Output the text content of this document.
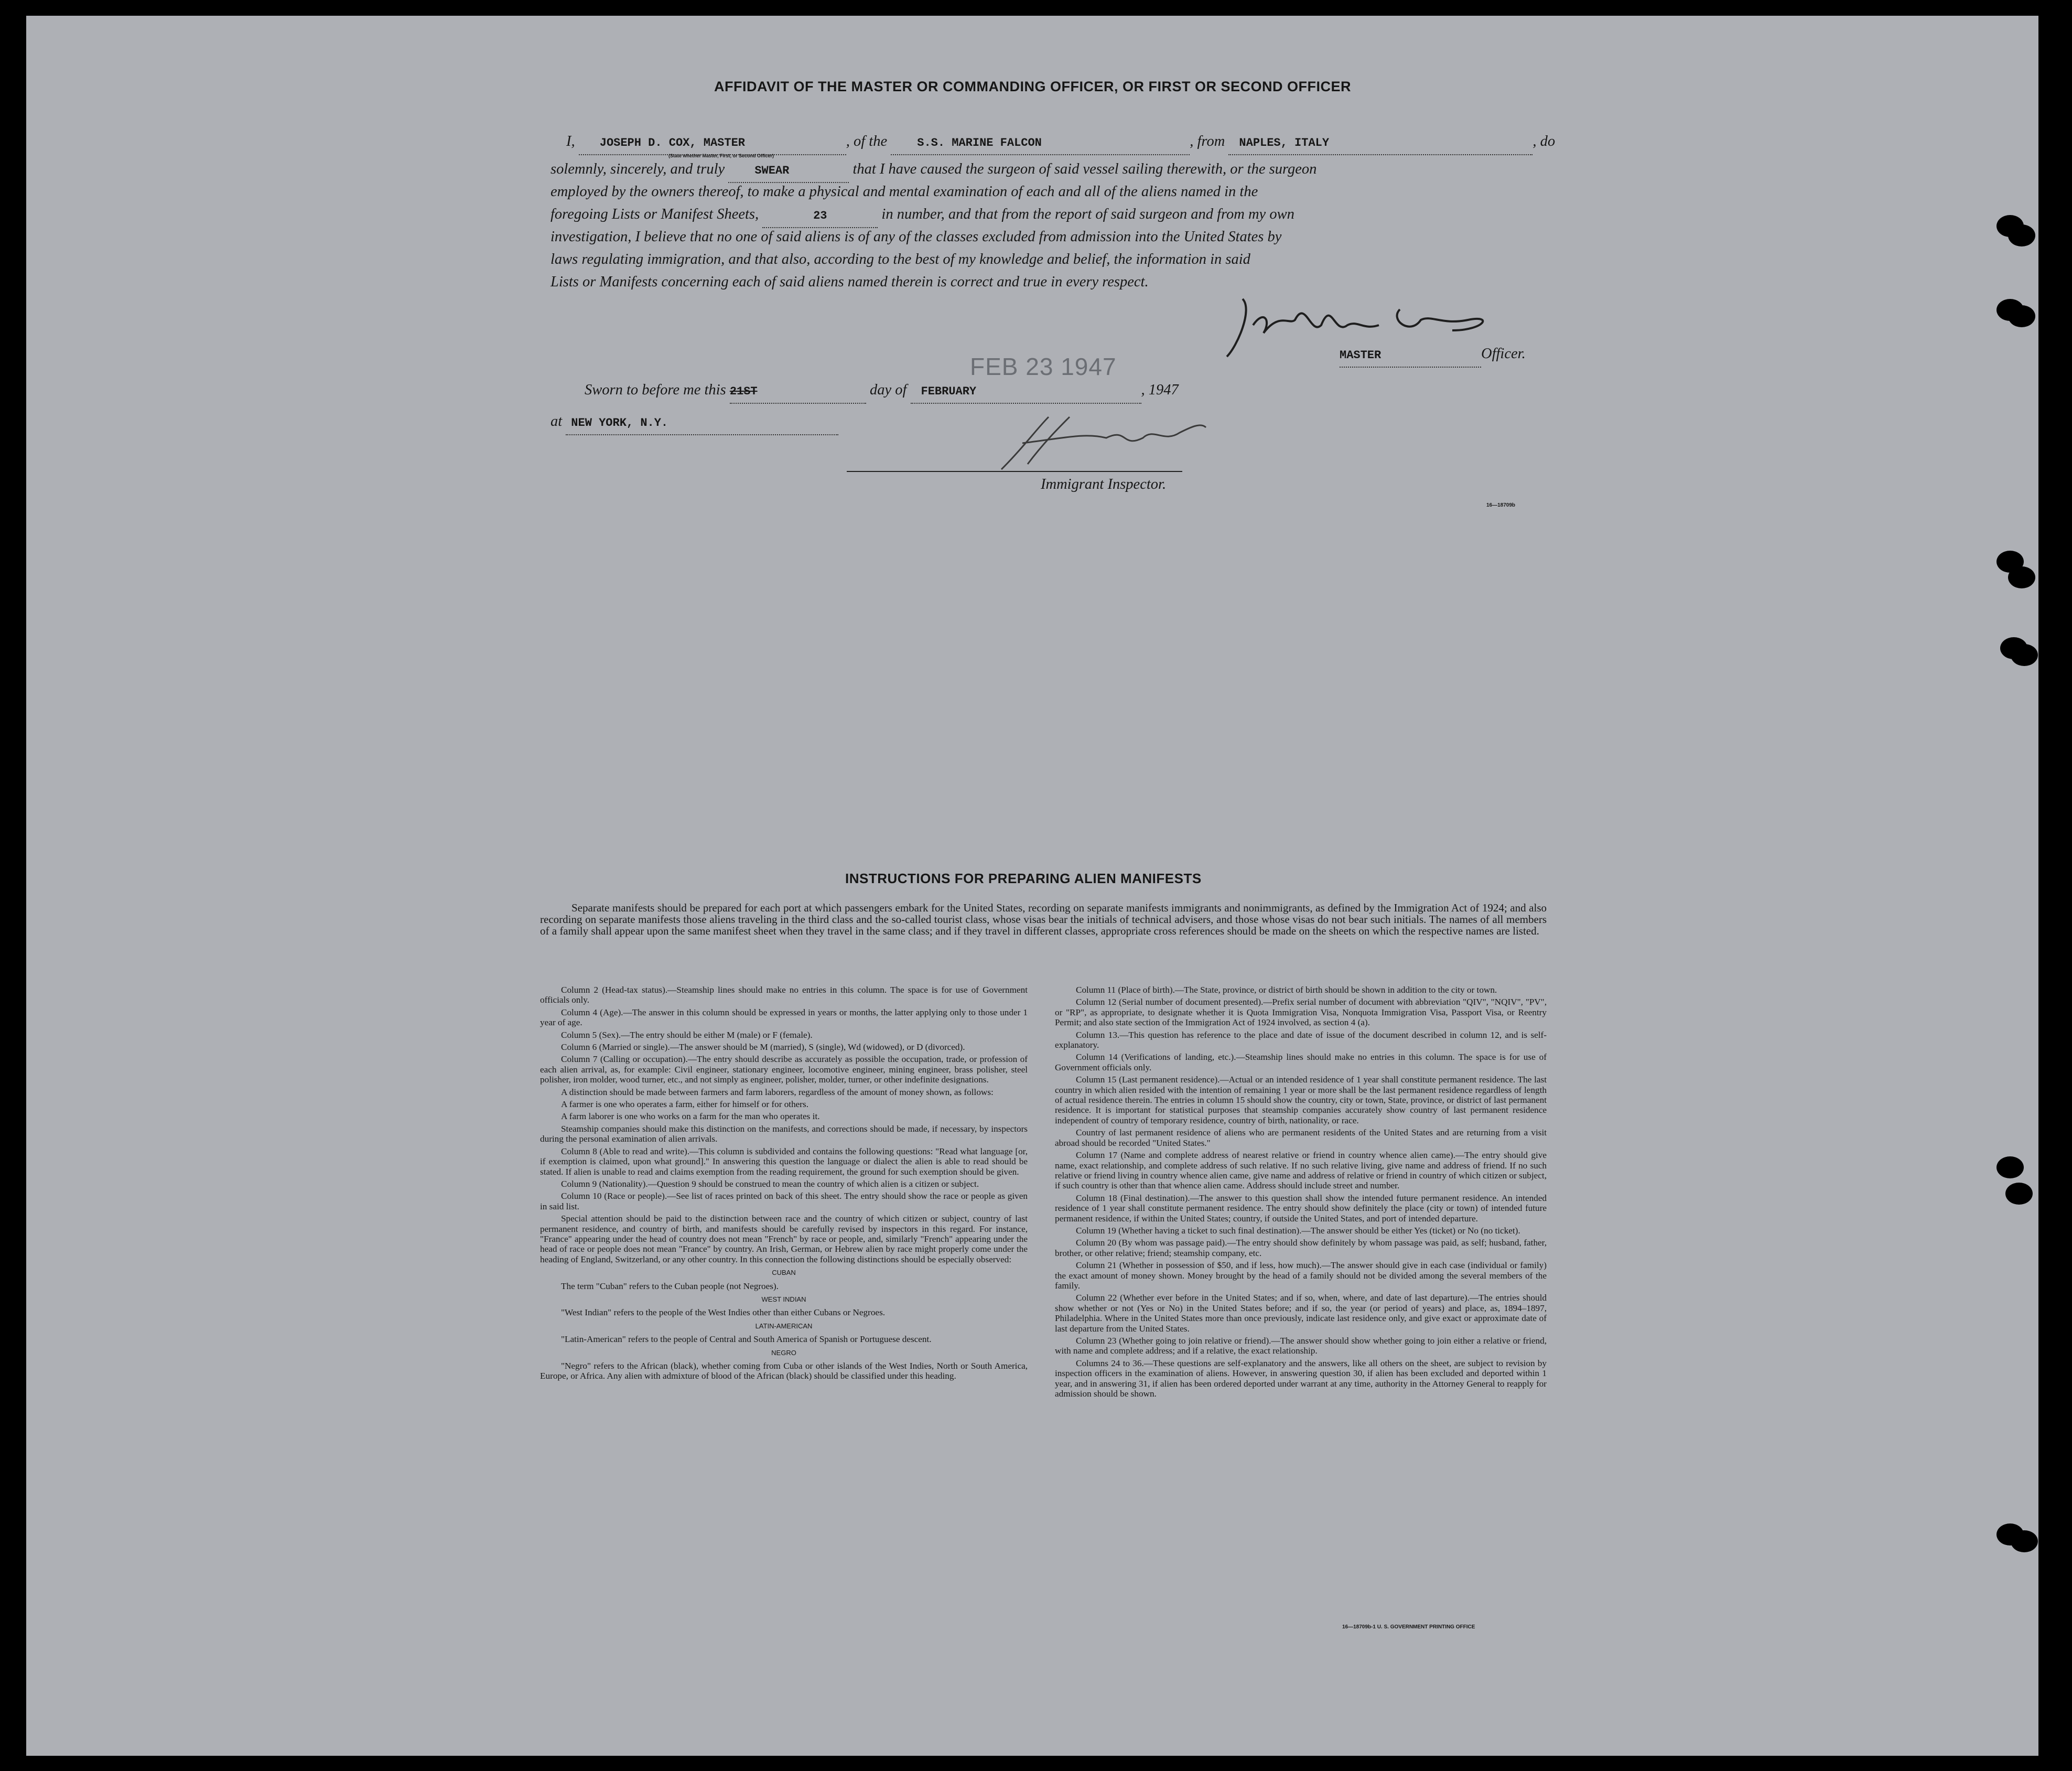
AFFIDAVIT OF THE MASTER OR COMMANDING OFFICER, OR FIRST OR SECOND OFFICER
I, JOSEPH D. COX, MASTER	, of the	S.S. MARINE FALCON	, from NAPLES, ITALY	, do
(State whether Master, First, or Second Officer)
solemnly, sincerely, and truly	SWEAR	that I have caused the surgeon of said vessel sailing therewith, or the surgeon
employed by the owners thereof, to make a physical and mental examination of each and all of the aliens named in the
foregoing Lists or Manifest Sheets,	23	in number, and that from the report of said surgeon and from my own
investigation, I believe that no one of said aliens is of any of the classes excluded from admission into the United States by
laws regulating immigration, and that also, according to the best of my knowledge and belief, the information in said
Lists or Manifests concerning each of said aliens named therein is correct and true in every respect.
MASTER	Officer.
FEB 23 1947
Sworn to before me this 21ST	day of FEBRUARY	, 1947
at NEW YORK, N.Y.
Immigrant Inspector.
16—18709b
INSTRUCTIONS FOR PREPARING ALIEN MANIFESTS
Separate manifests should be prepared for each port at which passengers embark for the United States, recording on separate manifests immigrants and nonimmigrants, as defined by the Immigration Act of 1924; and also recording on separate manifests those aliens traveling in the third class and the so-called tourist class, whose visas bear the initials of technical advisers, and those whose visas do not bear such initials. The names of all members of a family shall appear upon the same manifest sheet when they travel in the same class; and if they travel in different classes, appropriate cross references should be made on the sheets on which the respective names are listed.

Column 2 (Head-tax status).—Steamship lines should make no entries in this column. The space is for use of Government officials only.

Column 4 (Age).—The answer in this column should be expressed in years or months, the latter applying only to those under 1 year of age.

Column 5 (Sex).—The entry should be either M (male) or F (female).

Column 6 (Married or single).—The answer should be M (married), S (single), Wd (widowed), or D (divorced).

Column 7 (Calling or occupation).—The entry should describe as accurately as possible the occupation, trade, or profession of each alien arrival, as, for example: Civil engineer, stationary engineer, locomotive engineer, mining engineer, brass polisher, steel polisher, iron molder, wood turner, etc., and not simply as engineer, polisher, molder, turner, or other indefinite designations.

A distinction should be made between farmers and farm laborers, regardless of the amount of money shown, as follows:

A farmer is one who operates a farm, either for himself or for others.

A farm laborer is one who works on a farm for the man who operates it.

Steamship companies should make this distinction on the manifests, and corrections should be made, if necessary, by inspectors during the personal examination of alien arrivals.

Column 8 (Able to read and write).—This column is subdivided and contains the following questions: "Read what language [or, if exemption is claimed, upon what ground]." In answering this question the language or dialect the alien is able to read should be stated. If alien is unable to read and claims exemption from the reading requirement, the ground for such exemption should be given.

Column 9 (Nationality).—Question 9 should be construed to mean the country of which alien is a citizen or subject.

Column 10 (Race or people).—See list of races printed on back of this sheet. The entry should show the race or people as given in said list.

Special attention should be paid to the distinction between race and the country of which citizen or subject, country of last permanent residence, and country of birth, and manifests should be carefully revised by inspectors in this regard. For instance, "France" appearing under the head of country does not mean "French" by race or people, and, similarly "French" appearing under the head of race or people does not mean "France" by country. An Irish, German, or Hebrew alien by race might properly come under the heading of England, Switzerland, or any other country. In this connection the following distinctions should be especially observed:

CUBAN

The term "Cuban" refers to the Cuban people (not Negroes).

WEST INDIAN

"West Indian" refers to the people of the West Indies other than either Cubans or Negroes.

LATIN-AMERICAN

"Latin-American" refers to the people of Central and South America of Spanish or Portuguese descent.

NEGRO

"Negro" refers to the African (black), whether coming from Cuba or other islands of the West Indies, North or South America, Europe, or Africa. Any alien with admixture of blood of the African (black) should be classified under this heading.

Column 11 (Place of birth).—The State, province, or district of birth should be shown in addition to the city or town.

Column 12 (Serial number of document presented).—Prefix serial number of document with abbreviation "QIV", "NQIV", "PV", or "RP", as appropriate, to designate whether it is Quota Immigration Visa, Nonquota Immigration Visa, Passport Visa, or Reentry Permit; and also state section of the Immigration Act of 1924 involved, as section 4 (a).

Column 13.—This question has reference to the place and date of issue of the document described in column 12, and is self-explanatory.

Column 14 (Verifications of landing, etc.).—Steamship lines should make no entries in this column. The space is for use of Government officials only.

Column 15 (Last permanent residence).—Actual or an intended residence of 1 year shall constitute permanent residence. The last country in which alien resided with the intention of remaining 1 year or more shall be the last permanent residence regardless of length of actual residence therein. The entries in column 15 should show the country, city or town, State, province, or district of last permanent residence. It is important for statistical purposes that steamship companies accurately show country of last permanent residence independent of country of temporary residence, country of birth, nationality, or race.

Country of last permanent residence of aliens who are permanent residents of the United States and are returning from a visit abroad should be recorded "United States."

Column 17 (Name and complete address of nearest relative or friend in country whence alien came).—The entry should give name, exact relationship, and complete address of such relative. If no such relative living, give name and address of friend. If no such relative or friend living in country whence alien came, give name and address of relative or friend in country of which citizen or subject, if such country is other than that whence alien came. Address should include street and number.

Column 18 (Final destination).—The answer to this question shall show the intended future permanent residence. An intended residence of 1 year shall constitute permanent residence. The entry should show definitely the place (city or town) of intended future permanent residence, if within the United States; country, if outside the United States, and port of intended departure.

Column 19 (Whether having a ticket to such final destination).—The answer should be either Yes (ticket) or No (no ticket).

Column 20 (By whom was passage paid).—The entry should show definitely by whom passage was paid, as self; husband, father, brother, or other relative; friend; steamship company, etc.

Column 21 (Whether in possession of $50, and if less, how much).—The answer should give in each case (individual or family) the exact amount of money shown. Money brought by the head of a family should not be divided among the several members of the family.

Column 22 (Whether ever before in the United States; and if so, when, where, and date of last departure).—The entries should show whether or not (Yes or No) in the United States before; and if so, the year (or period of years) and place, as, 1894–1897, Philadelphia. Where in the United States more than once previously, indicate last residence only, and give exact or approximate date of last departure from the United States.

Column 23 (Whether going to join relative or friend).—The answer should show whether going to join either a relative or friend, with name and complete address; and if a relative, the exact relationship.

Columns 24 to 36.—These questions are self-explanatory and the answers, like all others on the sheet, are subject to revision by inspection officers in the examination of aliens. However, in answering question 30, if alien has been excluded and deported within 1 year, and in answering 31, if alien has been ordered deported under warrant at any time, authority in the Attorney General to reapply for admission should be shown.

16—18709b-1 U. S. GOVERNMENT PRINTING OFFICE
